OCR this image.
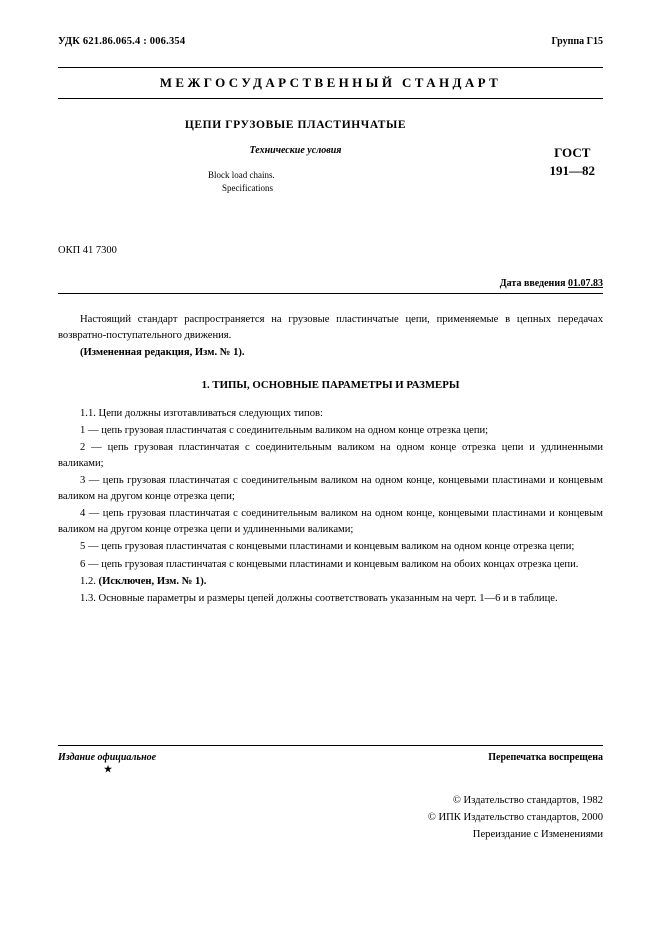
УДК 621.86.065.4 : 006.354	Группа Г15
МЕЖГОСУДАРСТВЕННЫЙ СТАНДАРТ
ЦЕПИ ГРУЗОВЫЕ ПЛАСТИНЧАТЫЕ
Технические условия
Block load chains.
Specifications
ГОСТ
191—82
ОКП 41 7300
Дата введения 01.07.83

Настоящий стандарт распространяется на грузовые пластинчатые цепи, применяемые в цепных передачах возвратно-поступательного движения.

(Измененная редакция, Изм. № 1).

1. ТИПЫ, ОСНОВНЫЕ ПАРАМЕТРЫ И РАЗМЕРЫ

1.1. Цепи должны изготавливаться следующих типов:

1 — цепь грузовая пластинчатая с соединительным валиком на одном конце отрезка цепи;

2 — цепь грузовая пластинчатая с соединительным валиком на одном конце отрезка цепи и удлиненными валиками;

3 — цепь грузовая пластинчатая с соединительным валиком на одном конце, концевыми пластинами и концевым валиком на другом конце отрезка цепи;

4 — цепь грузовая пластинчатая с соединительным валиком на одном конце, концевыми пластинами и концевым валиком на другом конце отрезка цепи и удлиненными валиками;

5 — цепь грузовая пластинчатая с концевыми пластинами и концевым валиком на одном конце отрезка цепи;

6 — цепь грузовая пластинчатая с концевыми пластинами и концевым валиком на обоих концах отрезка цепи.

1.2. (Исключен, Изм. № 1).

1.3. Основные параметры и размеры цепей должны соответствовать указанным на черт. 1—6 и в таблице.

Издание официальное
★
Перепечатка воспрещена
© Издательство стандартов, 1982
© ИПК Издательство стандартов, 2000
Переиздание с Изменениями
